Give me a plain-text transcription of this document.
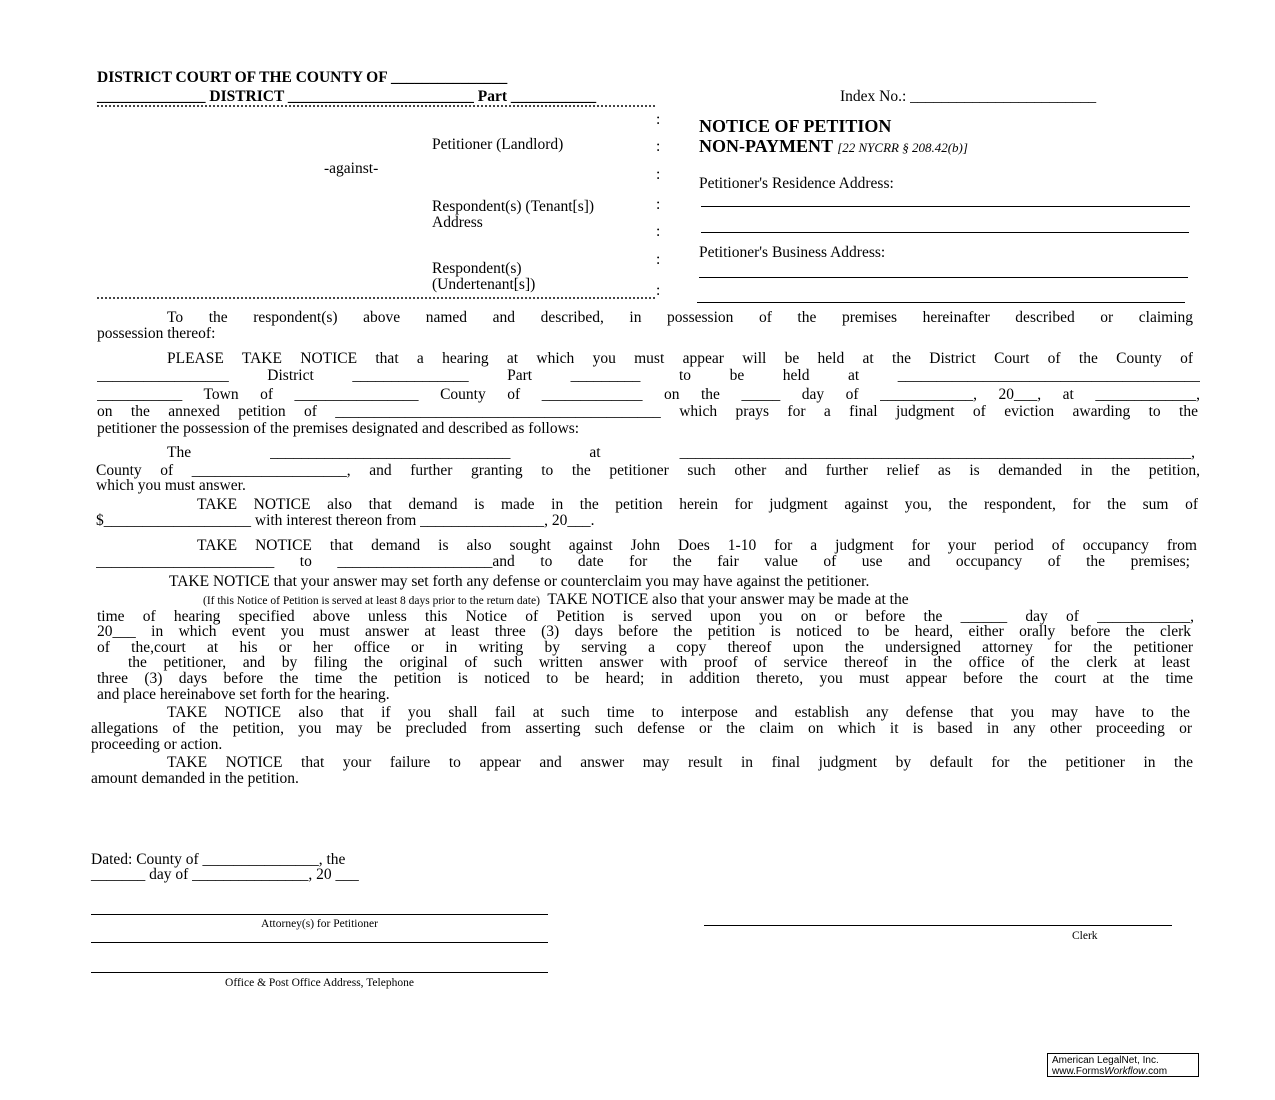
DISTRICT COURT OF THE COUNTY OF _______________
______________ DISTRICT ________________________ Part ___________	Index No.: ________________________
:
:
:
:
:
:
:
Petitioner (Landlord)
-against-
Respondent(s) (Tenant[s])
Address
Respondent(s)
(Undertenant[s])
NOTICE OF PETITION
NON-PAYMENT [22 NYCRR § 208.42(b)]
Petitioner's Residence Address:
Petitioner's Business Address:
To the respondent(s) above named and described, in possession of the premises hereinafter described or claiming
possession thereof:
PLEASE TAKE NOTICE that a hearing at which you must appear will be held at the District Court of the County of
_________________ District _______________ Part _________ to be held at _______________________________________
___________ Town of ________________ County of _____________ on the _____ day of ____________, 20___, at _____________,
on the annexed petition of __________________________________________ which prays for a final judgment of eviction awarding to the
petitioner the possession of the premises designated and described as follows:
The _______________________________ at __________________________________________________________________,
County of ____________________, and further granting to the petitioner such other and further relief as is demanded in the petition,
which you must answer.
TAKE NOTICE also that demand is made in the petition herein for judgment against you, the respondent, for the sum of
$___________________ with interest thereon from ________________, 20___.
TAKE NOTICE that demand is also sought against John Does 1-10 for a judgment for your period of occupancy from
_______________________ to ____________________and to date for the fair value of use and occupancy of the premises;
TAKE NOTICE that your answer may set forth any defense or counterclaim you may have against the petitioner.
(If this Notice of Petition is served at least 8 days prior to the return date) TAKE NOTICE also that your answer may be made at the
time of hearing specified above unless this Notice of Petition is served upon you on or before the ______ day of ____________,
20___ in which event you must answer at least three (3) days before the petition is noticed to be heard, either orally before the clerk
of the,court at his or her office or in writing by serving a copy thereof upon the undersigned attorney for the petitioner
the petitioner, and by filing the original of such written answer with proof of service thereof in the office of the clerk at least
three (3) days before the time the petition is noticed to be heard; in addition thereto, you must appear before the court at the time
and place hereinabove set forth for the hearing.
TAKE NOTICE also that if you shall fail at such time to interpose and establish any defense that you may have to the
allegations of the petition, you may be precluded from asserting such defense or the claim on which it is based in any other proceeding or
proceeding or action.
TAKE NOTICE that your failure to appear and answer may result in final judgment by default for the petitioner in the
amount demanded in the petition.
Dated: County of _______________, the
_______ day of _______________, 20 ___
Attorney(s) for Petitioner
Office & Post Office Address, Telephone
Clerk
American LegalNet, Inc.
www.FormsWorkflow.com
